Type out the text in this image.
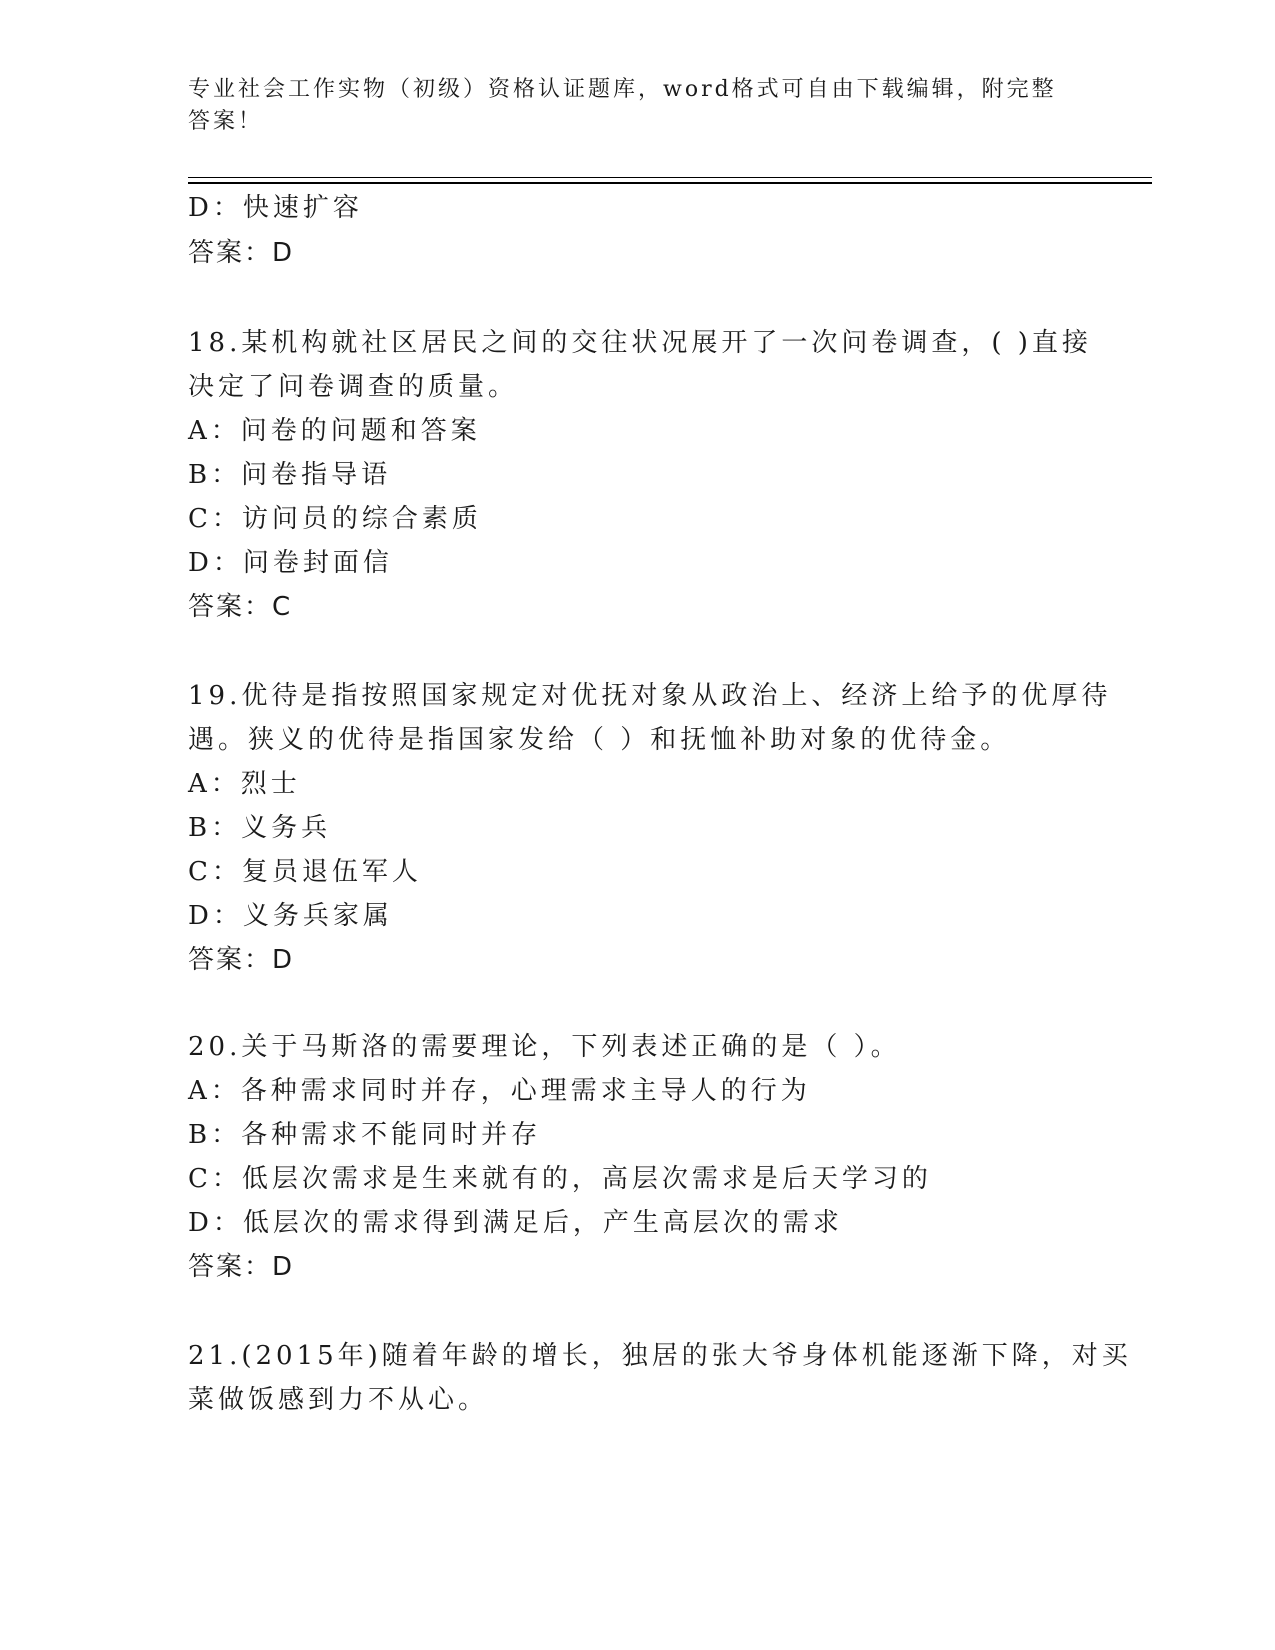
专业社会工作实物（初级）资格认证题库，word格式可自由下载编辑，附完整答案！
D：快速扩容
答案：D
18.某机构就社区居民之间的交往状况展开了一次问卷调查，( )直接
决定了问卷调查的质量。
A：问卷的问题和答案
B：问卷指导语
C：访问员的综合素质
D：问卷封面信
答案：C
19.优待是指按照国家规定对优抚对象从政治上、经济上给予的优厚待
遇。狭义的优待是指国家发给（ ）和抚恤补助对象的优待金。
A：烈士
B：义务兵
C：复员退伍军人
D：义务兵家属
答案：D
20.关于马斯洛的需要理论，下列表述正确的是（ ）。
A：各种需求同时并存，心理需求主导人的行为
B：各种需求不能同时并存
C：低层次需求是生来就有的，高层次需求是后天学习的
D：低层次的需求得到满足后，产生高层次的需求
答案：D
21.(2015年)随着年龄的增长，独居的张大爷身体机能逐渐下降，对买
菜做饭感到力不从心。
